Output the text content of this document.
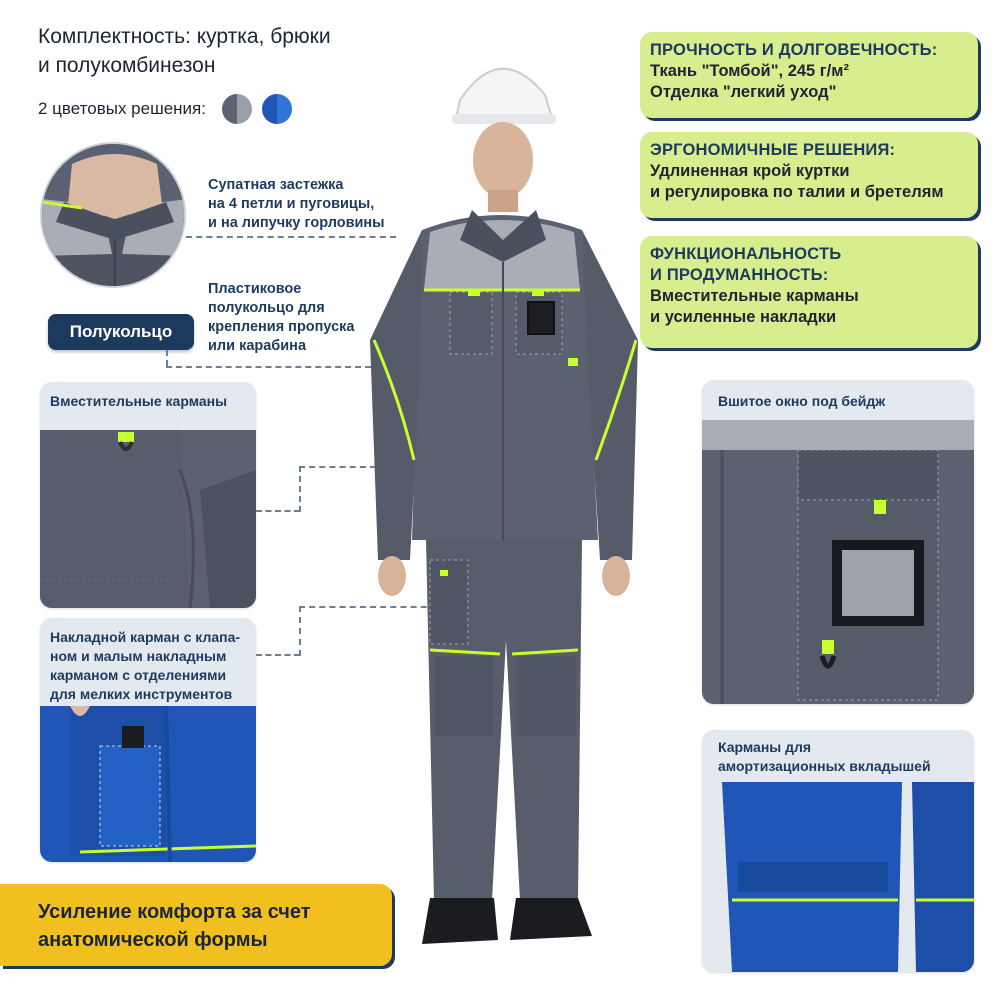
Комплектность: куртка, брюки
и полукомбинезон
2 цветовых решения:
Супатная застежка
на 4 петли и пуговицы,
и на липучку горловины
Пластиковое
полукольцо для
крепления пропуска
или карабина
Полукольцо
Вместительные карманы
Накладной карман с клапа-
ном и малым накладным
карманом с отделениями
для мелких инструментов
ПРОЧНОСТЬ И ДОЛГОВЕЧНОСТЬ:
Ткань "Томбой", 245 г/м²
Отделка "легкий уход"
ЭРГОНОМИЧНЫЕ РЕШЕНИЯ:
Удлиненная крой куртки
и регулировка по талии и бретелям
ФУНКЦИОНАЛЬНОСТЬ
И ПРОДУМАННОСТЬ:
Вместительные карманы
и усиленные накладки
Вшитое окно под бейдж
Карманы для
амортизационных вкладышей
Усиление комфорта за счет
анатомической формы
